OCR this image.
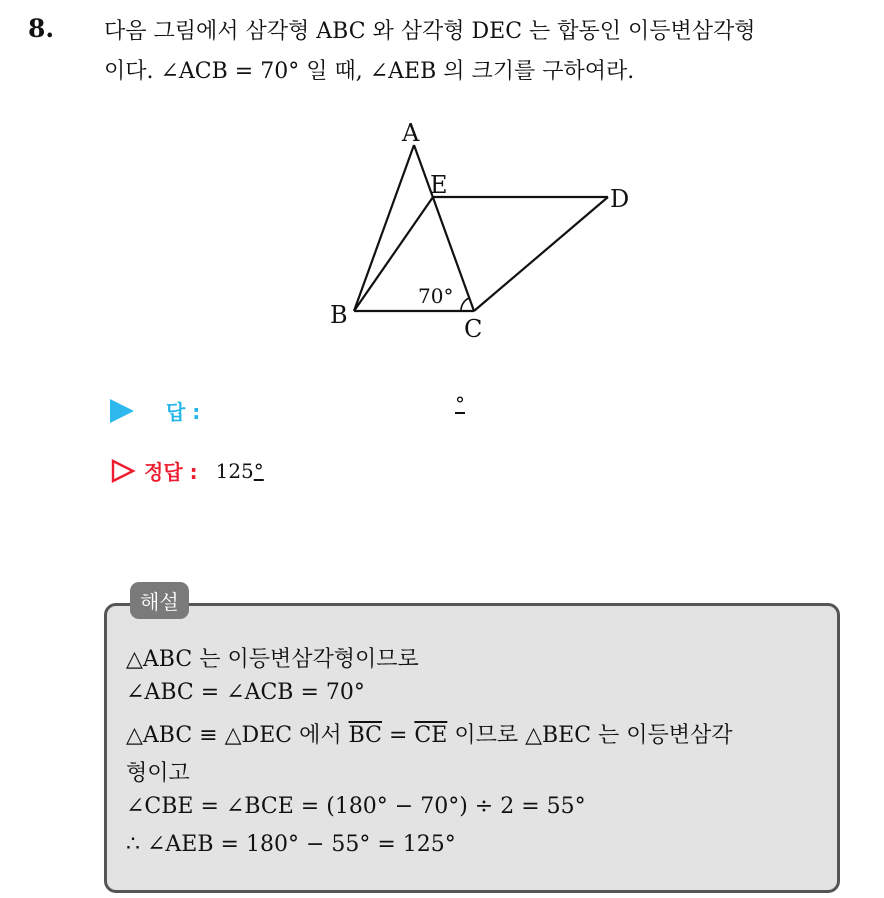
8. 다음 그림에서 삼각형 ABC 와 삼각형 DEC 는 합동인 이등변삼각형
이다. ∠ACB = 70° 일 때, ∠AEB 의 크기를 구하여라.
A
E	D
B	C
70°
답 :	°
정답 : 125°
해설
△ABC 는 이등변삼각형이므로
∠ABC = ∠ACB = 70°
△ABC ≡ △DEC 에서 $\overline{BC} = \overline{CE}$ 이므로 △BEC 는 이등변삼각
형이고
∠CBE = ∠BCE = (180° − 70°) ÷ 2 = 55°
∴ ∠AEB = 180° − 55° = 125°
